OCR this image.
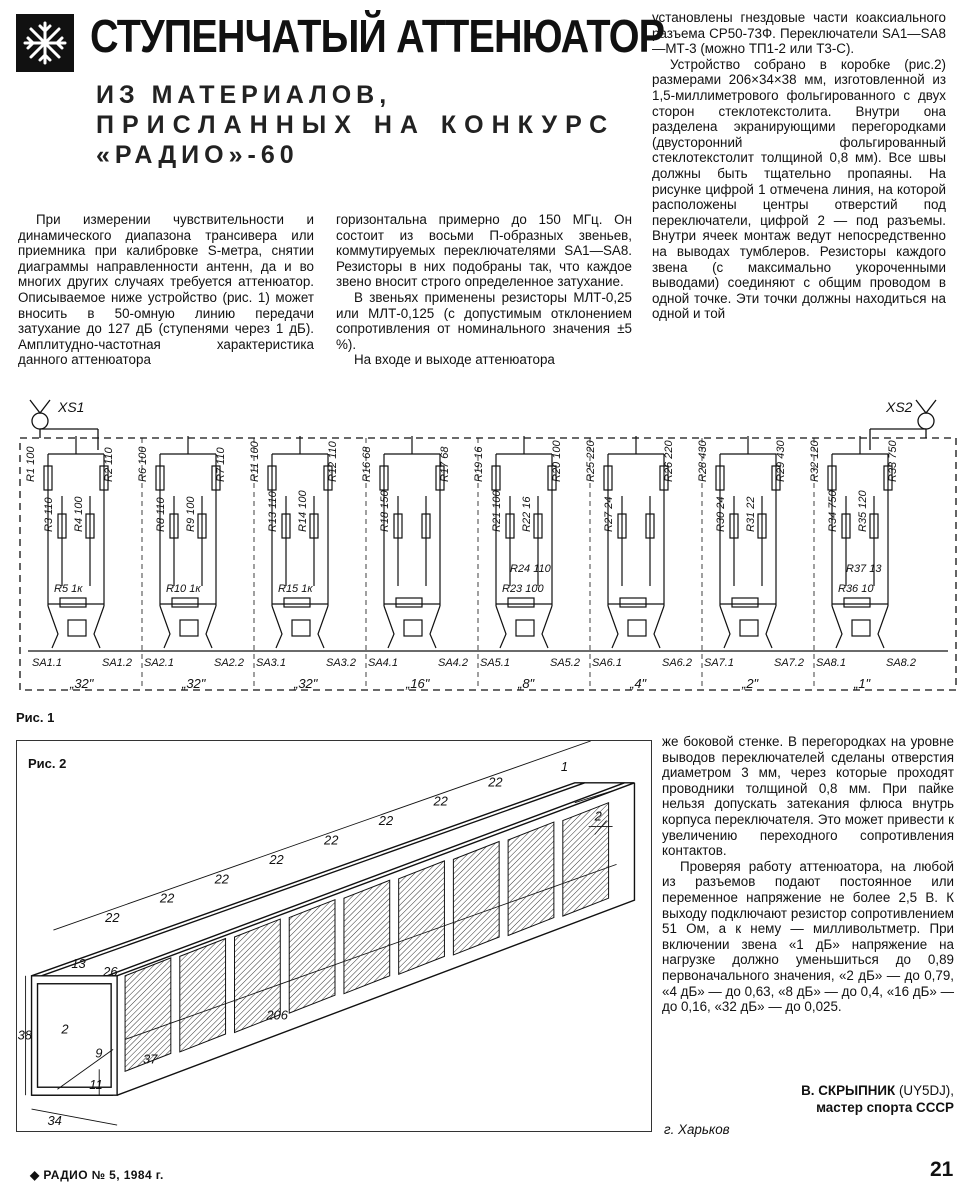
СТУПЕНЧАТЫЙ АТТЕНЮАТОР
ИЗ МАТЕРИАЛОВ,
ПРИСЛАННЫХ НА КОНКУРС
«РАДИО»-60

При измерении чувствительности и динамического диапазона трансивера или приемника при калибровке S-метра, снятии диаграммы направленности антенн, да и во многих других случаях требуется аттенюатор. Описываемое ниже устройство (рис. 1) может вносить в 50-омную линию передачи затухание до 127 дБ (ступенями через 1 дБ). Амплитудно-частотная характеристика данного аттенюатора

горизонтальна примерно до 150 МГц. Он состоит из восьми П-образных звеньев, коммутируемых переключателями SA1—SA8. Резисторы в них подобраны так, что каждое звено вносит строго определенное затухание.

В звеньях применены резисторы МЛТ-0,25 или МЛТ-0,125 (с допустимым отклонением сопротивления от номинального значения ±5 %).

На входе и выходе аттенюатора

установлены гнездовые части коаксиального разъема СР50-73Ф. Переключатели SA1—SA8—МТ-3 (можно ТП1-2 или Т3-С).

Устройство собрано в коробке (рис.2) размерами 206×34×38 мм, изготовленной из 1,5-миллиметрового фольгированного с двух сторон стеклотекстолита. Внутри она разделена экранирующими перегородками (двусторонний фольгированный стеклотекстолит толщиной 0,8 мм). Все швы должны быть тщательно пропаяны. На рисунке цифрой 1 отмечена линия, на которой расположены центры отверстий под переключатели, цифрой 2 — под разъемы. Внутри ячеек монтаж ведут непосредственно на выводах тумблеров. Резисторы каждого звена (с максимально укороченными выводами) соединяют с общим проводом в одной точке. Эти точки должны находиться на одной и той

R1 100	R2 110
R3 110 R4 100
R5 1к
SA1.1	SA1.2
„32"
R6 100	R7 110
R8 110 R9 100
R10 1к
SA2.1	SA2.2
„32"
R11 100	R12 110
R13 110 R14 100
R15 1к
SA3.1	SA3.2
„32"
R16 68	R17 68
R18 150
SA4.1	SA4.2
„16"
R19 16	R20 100
R21 100 R22 16
R23 100
R24 110
SA5.1	SA5.2
„8"
R25 220	R26 220
R27 24
SA6.1	SA6.2
„4"
R28 430	R29 430
R30 24 R31 22
SA7.1	SA7.2
„2"
R32 120	R33 750
R34 750 R35 120
R36 10
R37 13
SA8.1	SA8.2
„1"
XS1	XS2
Рис. 1
22
22
22
22
22
22
22
22
206
34
38
13
26
37
9
11
2
2
1
Рис. 2

же боковой стенке. В перегородках на уровне выводов переключателей сделаны отверстия диаметром 3 мм, через которые проходят проводники толщиной 0,8 мм. При пайке нельзя допускать затекания флюса внутрь корпуса переключателя. Это может привести к увеличению переходного сопротивления контактов.

Проверяя работу аттенюатора, на любой из разъемов подают постоянное или переменное напряжение не более 2,5 В. К выходу подключают резистор сопротивлением 51 Ом, а к нему — милливольтметр. При включении звена «1 дБ» напряжение на нагрузке должно уменьшиться до 0,89 первоначального значения, «2 дБ» — до 0,79, «4 дБ» — до 0,63, «8 дБ» — до 0,4, «16 дБ» — до 0,16, «32 дБ» — до 0,025.

В. СКРЫПНИК (UY5DJ),
мастер спорта СССР
г. Харьков
◆ РАДИО № 5, 1984 г.	21
